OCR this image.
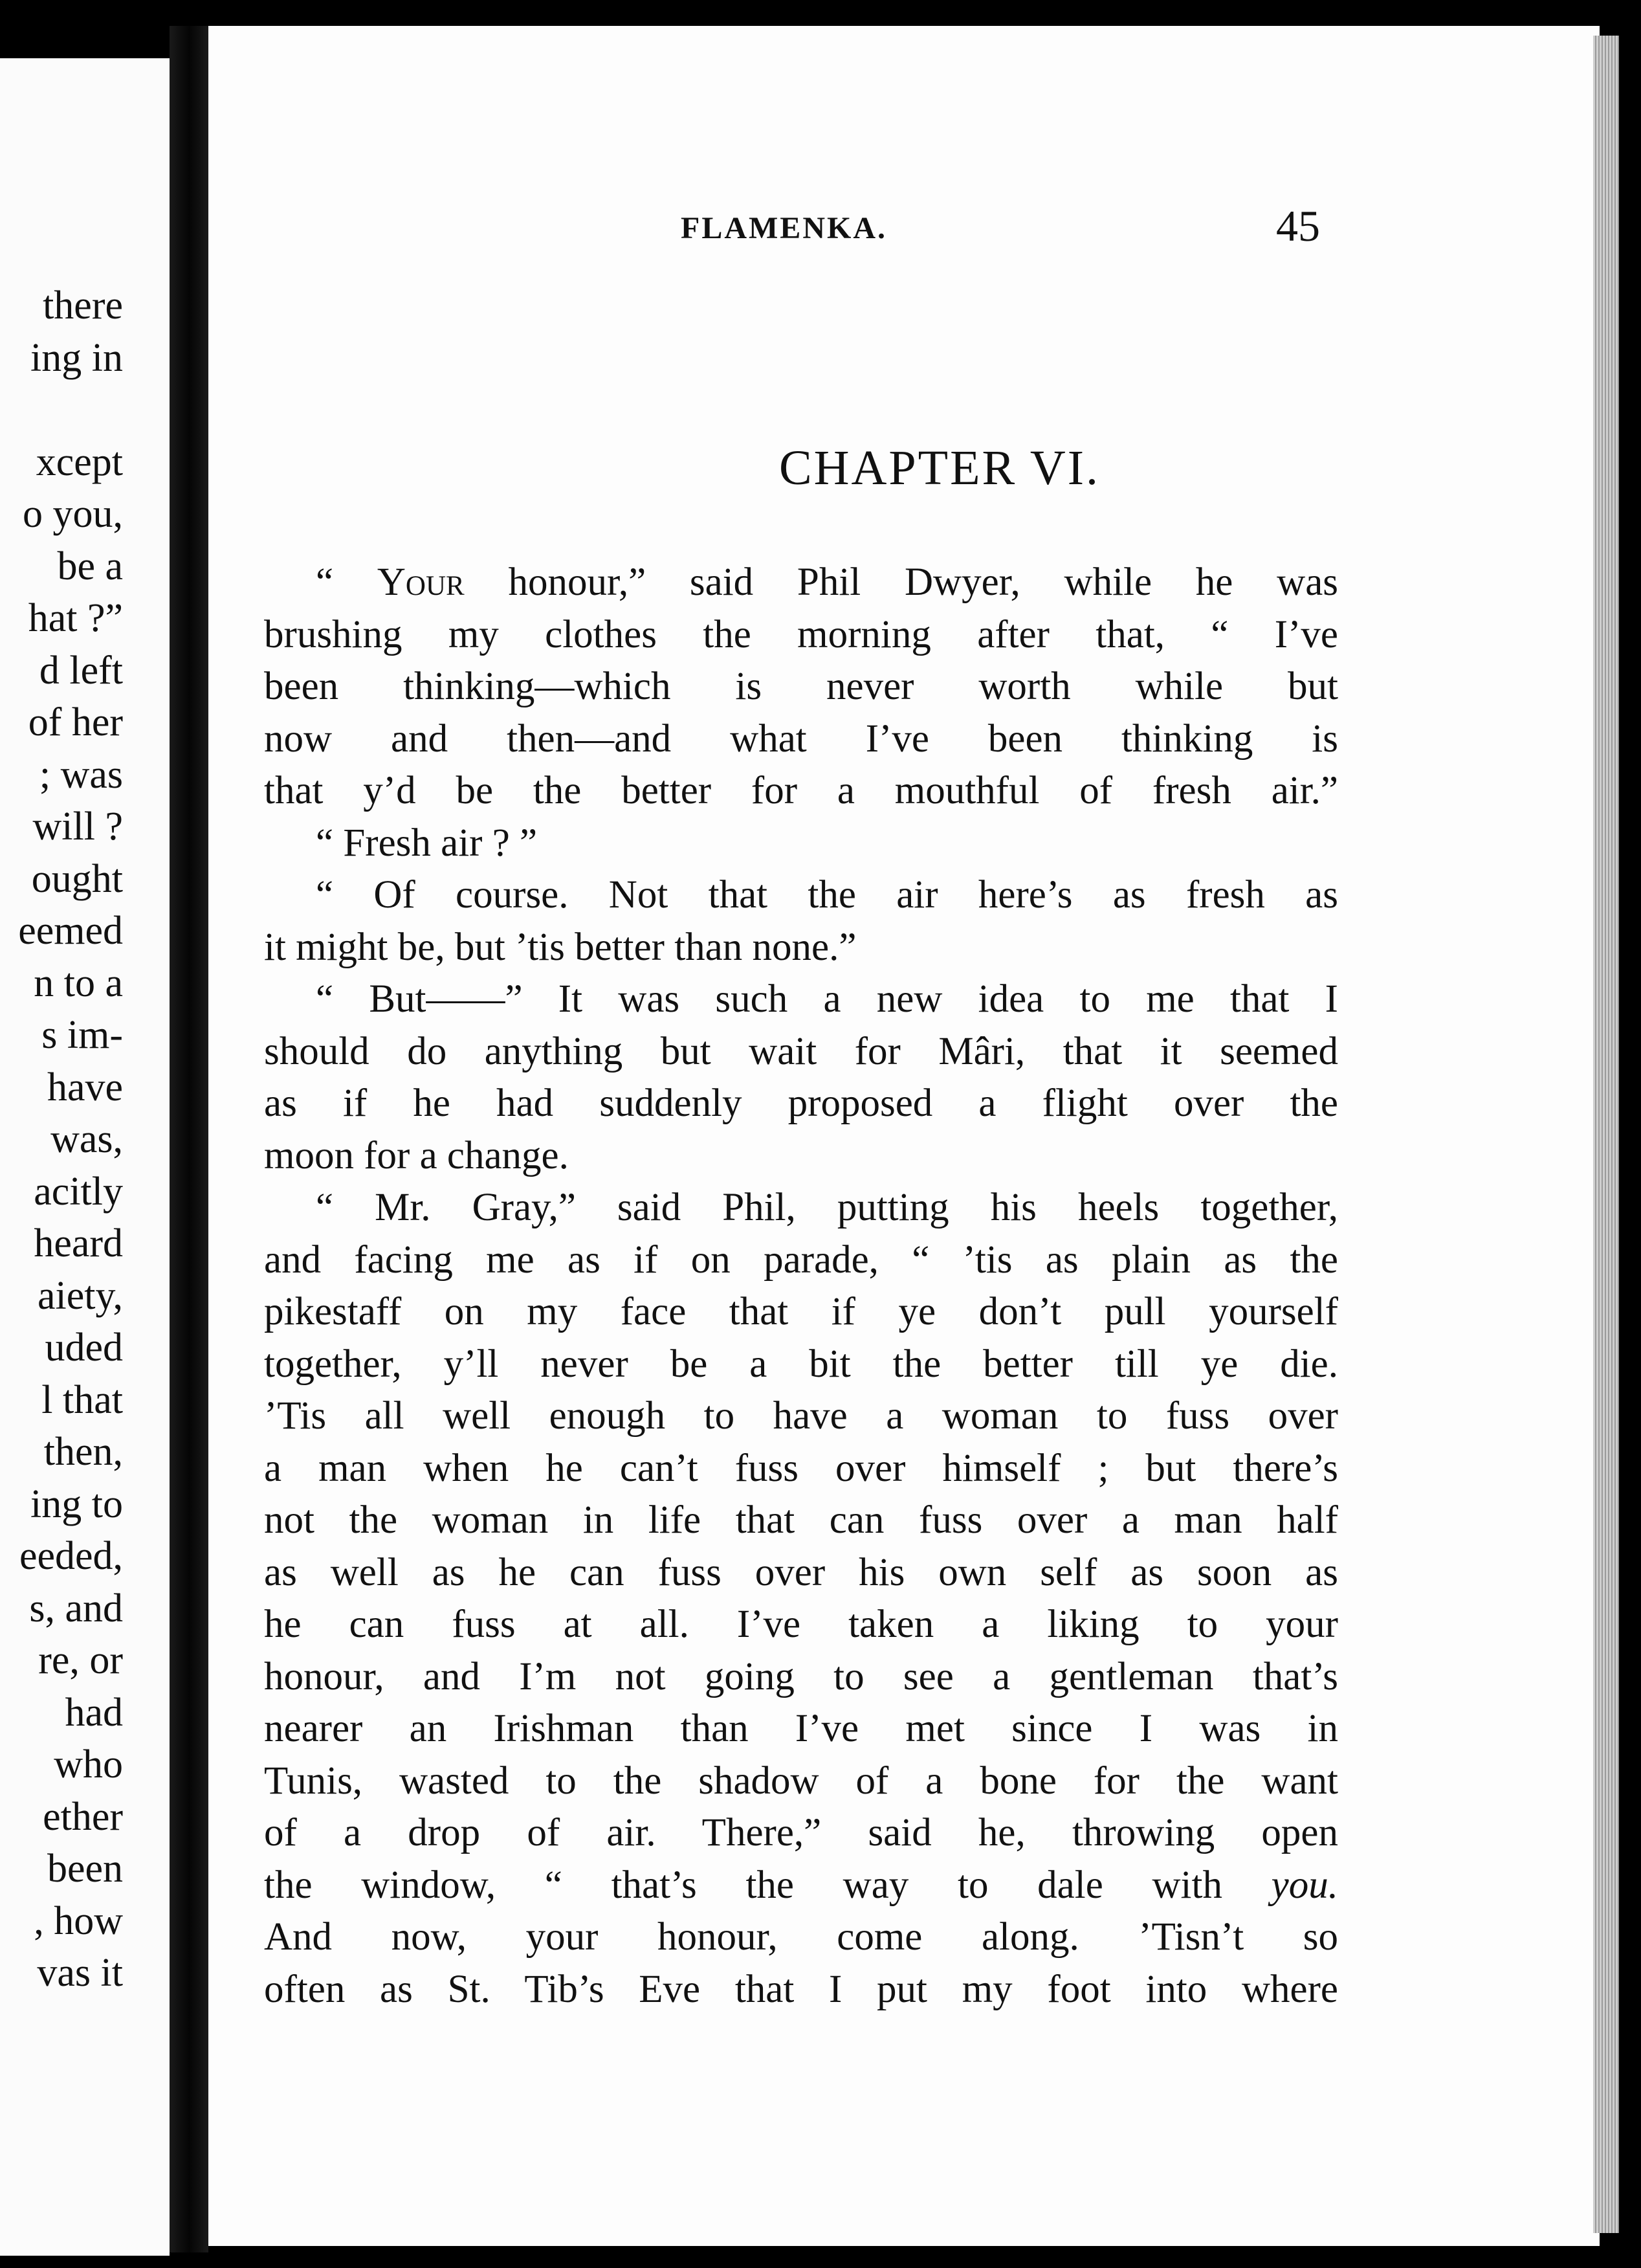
there
ing in
xcept
o you,
be a
hat ?”
d left
of her
; was
will ?
ought
eemed
n to a
s im-
have
was,
acitly
heard
aiety,
uded
l that
then,
ing to
eeded,
s, and
re, or
had
who
ether
been
, how
vas it
FLAMENKA.	45
CHAPTER VI.
“ Your honour,” said Phil Dwyer, while he was
brushing my clothes the morning after that, “ I’ve
been thinking—which is never worth while but
now and then—and what I’ve been thinking is
that y’d be the better for a mouthful of fresh air.”
“ Fresh air ? ”
“ Of course. Not that the air here’s as fresh as
it might be, but ’tis better than none.”
“ But——” It was such a new idea to me that I
should do anything but wait for Mâri, that it seemed
as if he had suddenly proposed a flight over the
moon for a change.
“ Mr. Gray,” said Phil, putting his heels together,
and facing me as if on parade, “ ’tis as plain as the
pikestaff on my face that if ye don’t pull yourself
together, y’ll never be a bit the better till ye die.
’Tis all well enough to have a woman to fuss over
a man when he can’t fuss over himself ; but there’s
not the woman in life that can fuss over a man half
as well as he can fuss over his own self as soon as
he can fuss at all. I’ve taken a liking to your
honour, and I’m not going to see a gentleman that’s
nearer an Irishman than I’ve met since I was in
Tunis, wasted to the shadow of a bone for the want
of a drop of air. There,” said he, throwing open
the window, “ that’s the way to dale with you.
And now, your honour, come along. ’Tisn’t so
often as St. Tib’s Eve that I put my foot into where
